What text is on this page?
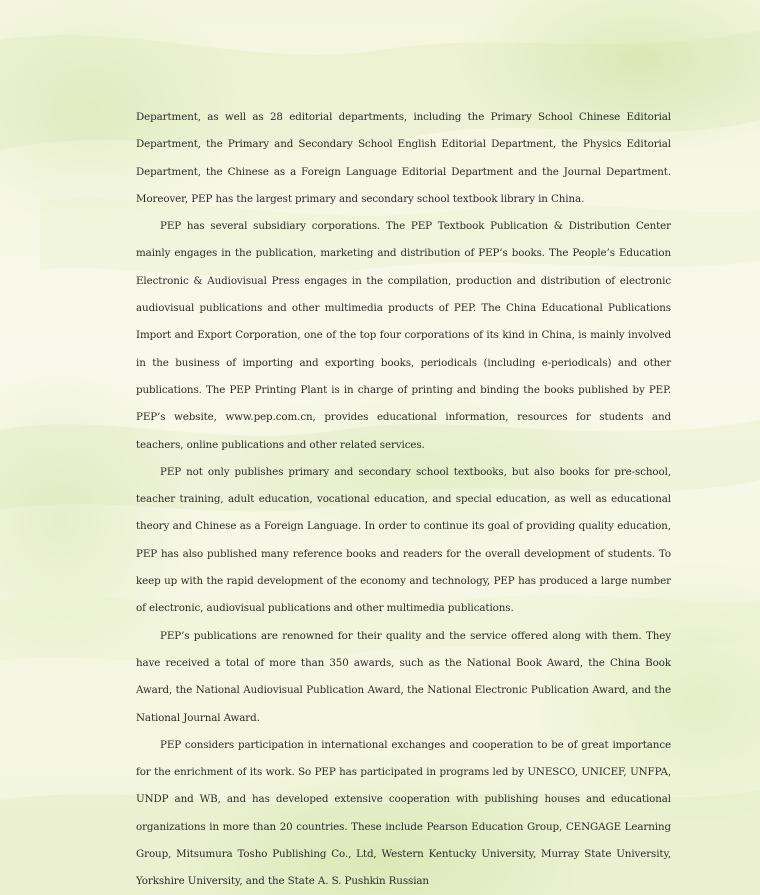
Department, as well as 28 editorial departments, including the Primary School Chinese Editorial Department, the Primary and Secondary School English Editorial Department, the Physics Editorial Department, the Chinese as a Foreign Language Editorial Department and the Journal Department. Moreover, PEP has the largest primary and secondary school textbook library in China.

PEP has several subsidiary corporations. The PEP Textbook Publication & Distribution Center mainly engages in the publication, marketing and distribution of PEP’s books. The People’s Education Electronic & Audiovisual Press engages in the compilation, production and distribution of electronic audiovisual publications and other multimedia products of PEP. The China Educational Publications Import and Export Corporation, one of the top four corporations of its kind in China, is mainly involved in the business of importing and exporting books, periodicals (including e-periodicals) and other publications. The PEP Printing Plant is in charge of printing and binding the books published by PEP. PEP’s website, www.pep.com.cn, provides educational information, resources for students and teachers, online publications and other related services.

PEP not only publishes primary and secondary school textbooks, but also books for pre-school, teacher training, adult education, vocational education, and special education, as well as educational theory and Chinese as a Foreign Language. In order to continue its goal of providing quality education, PEP has also published many reference books and readers for the overall development of students. To keep up with the rapid development of the economy and technology, PEP has produced a large number of electronic, audiovisual publications and other multimedia publications.

PEP’s publications are renowned for their quality and the service offered along with them. They have received a total of more than 350 awards, such as the National Book Award, the China Book Award, the National Audiovisual Publication Award, the National Electronic Publication Award, and the National Journal Award.

PEP considers participation in international exchanges and cooperation to be of great importance for the enrichment of its work. So PEP has participated in programs led by UNESCO, UNICEF, UNFPA, UNDP and WB, and has developed extensive cooperation with publishing houses and educational organizations in more than 20 countries. These include Pearson Education Group, CENGAGE Learning Group, Mitsumura Tosho Publishing Co., Ltd, Western Kentucky University, Murray State University, Yorkshire University, and the State A. S. Pushkin Russian
